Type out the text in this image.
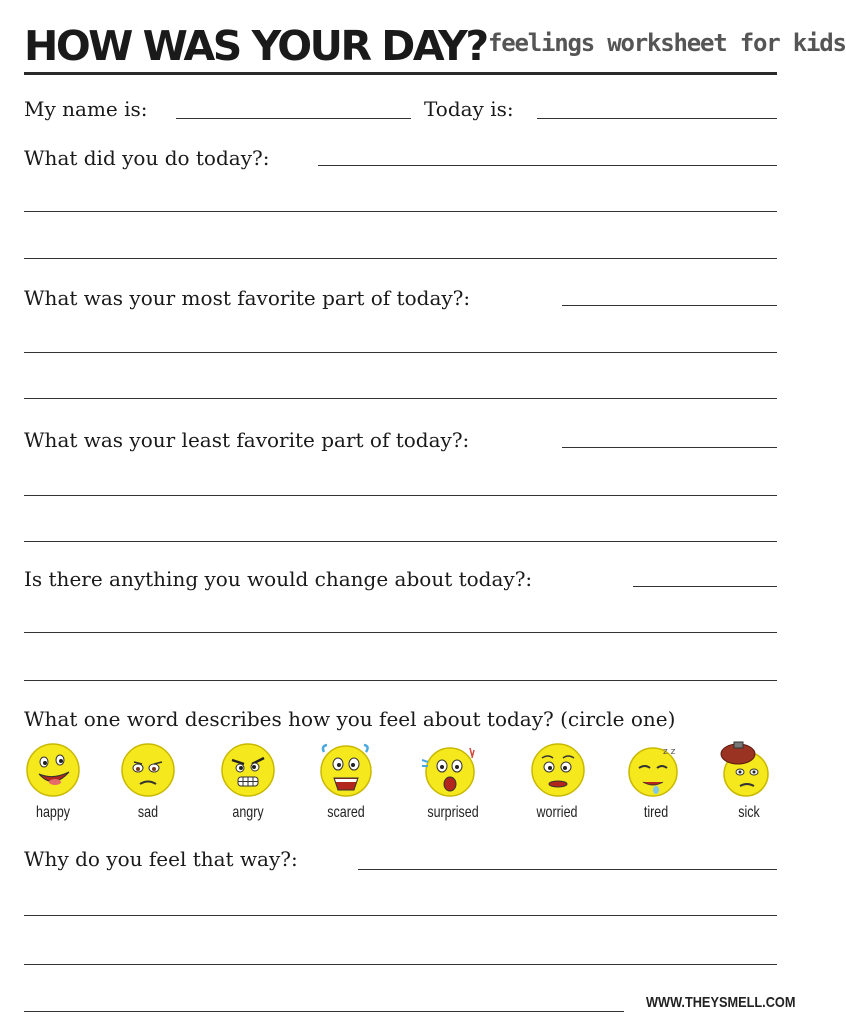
HOW WAS YOUR DAY? feelings worksheet for kids
My name is:	Today is:
What did you do today?:
What was your most favorite part of today?:
What was your least favorite part of today?:
Is there anything you would change about today?:
What one word describes how you feel about today? (circle one)
z z
happy	sad	angry	scared	surprised	worried	tired	sick
Why do you feel that way?:
WWW.THEYSMELL.COM
